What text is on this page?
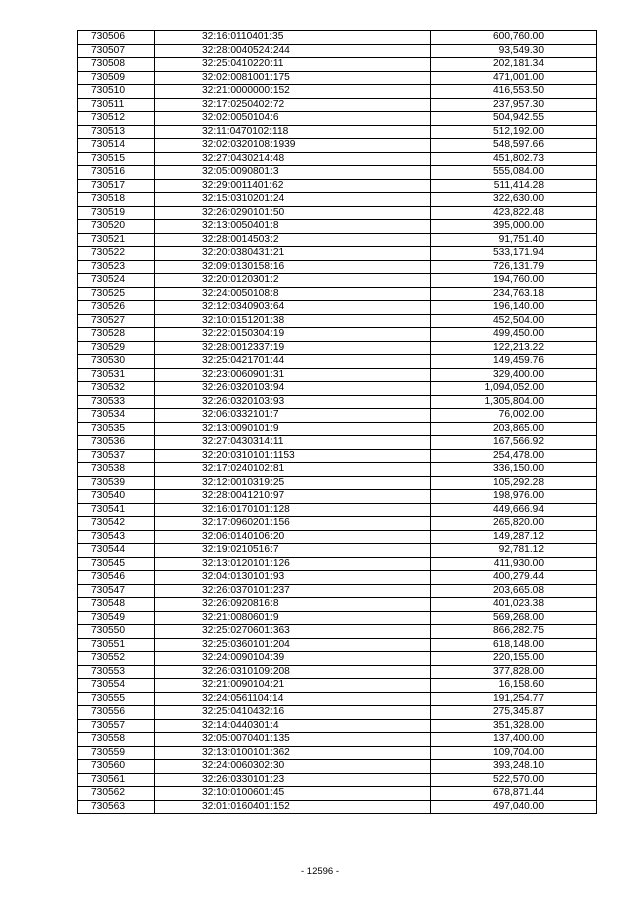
730506	32:16:0110401:35	600,760.00
730507	32:28:0040524:244	93,549.30
730508	32:25:0410220:11	202,181.34
730509	32:02:0081001:175	471,001.00
730510	32:21:0000000:152	416,553.50
730511	32:17:0250402:72	237,957.30
730512	32:02:0050104:6	504,942.55
730513	32:11:0470102:118	512,192.00
730514	32:02:0320108:1939	548,597.66
730515	32:27:0430214:48	451,802.73
730516	32:05:0090801:3	555,084.00
730517	32:29:0011401:62	511,414.28
730518	32:15:0310201:24	322,630.00
730519	32:26:0290101:50	423,822.48
730520	32:13:0050401:8	395,000.00
730521	32:28:0014503:2	91,751.40
730522	32:20:0380431:21	533,171.94
730523	32:09:0130158:16	726,131.79
730524	32:20:0120301:2	194,760.00
730525	32:24:0050108:8	234,763.18
730526	32:12:0340903:64	196,140.00
730527	32:10:0151201:38	452,504.00
730528	32:22:0150304:19	499,450.00
730529	32:28:0012337:19	122,213.22
730530	32:25:0421701:44	149,459.76
730531	32:23:0060901:31	329,400.00
730532	32:26:0320103:94	1,094,052.00
730533	32:26:0320103:93	1,305,804.00
730534	32:06:0332101:7	76,002.00
730535	32:13:0090101:9	203,865.00
730536	32:27:0430314:11	167,566.92
730537	32:20:0310101:1153	254,478.00
730538	32:17:0240102:81	336,150.00
730539	32:12:0010319:25	105,292.28
730540	32:28:0041210:97	198,976.00
730541	32:16:0170101:128	449,666.94
730542	32:17:0960201:156	265,820.00
730543	32:06:0140106:20	149,287.12
730544	32:19:0210516:7	92,781.12
730545	32:13:0120101:126	411,930.00
730546	32:04:0130101:93	400,279.44
730547	32:26:0370101:237	203,665.08
730548	32:26:0920816:8	401,023.38
730549	32:21:0080601:9	569,268.00
730550	32:25:0270601:363	866,282.75
730551	32:25:0360101:204	618,148.00
730552	32:24:0090104:39	220,155.00
730553	32:26:0310109:208	377,828.00
730554	32:21:0090104:21	16,158.60
730555	32:24:0561104:14	191,254.77
730556	32:25:0410432:16	275,345.87
730557	32:14:0440301:4	351,328.00
730558	32:05:0070401:135	137,400.00
730559	32:13:0100101:362	109,704.00
730560	32:24:0060302:30	393,248.10
730561	32:26:0330101:23	522,570.00
730562	32:10:0100601:45	678,871.44
730563	32:01:0160401:152	497,040.00
- 12596 -
